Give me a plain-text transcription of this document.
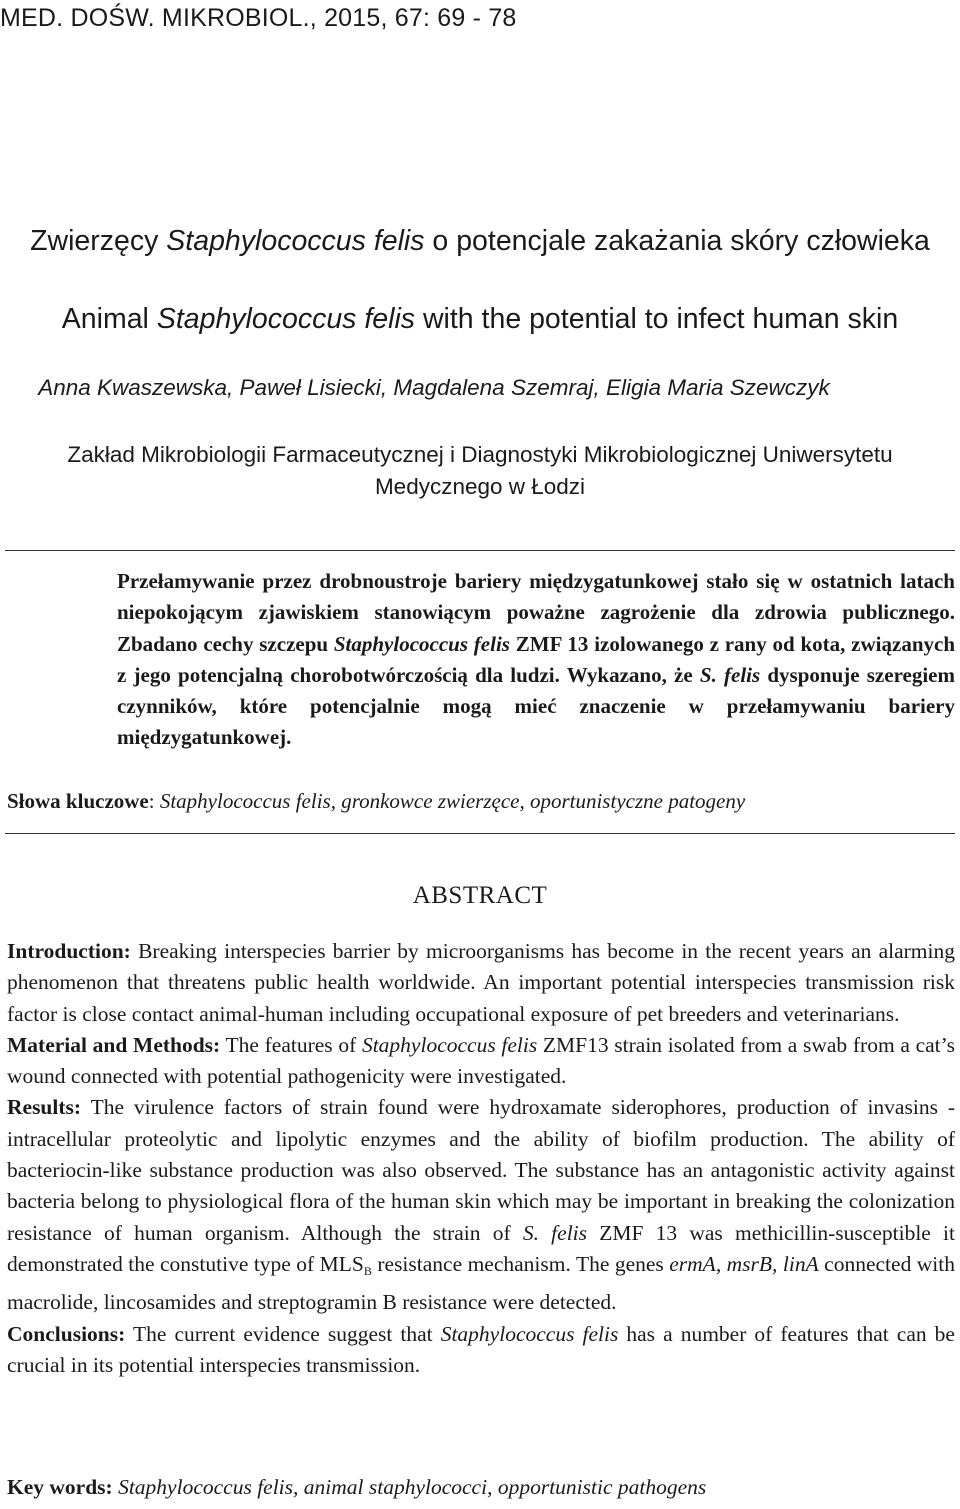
MED. DOŚW. MIKROBIOL., 2015, 67: 69 - 78
Zwierzęcy Staphylococcus felis o potencjale zakażania skóry człowieka
Animal Staphylococcus felis with the potential to infect human skin
Anna Kwaszewska, Paweł Lisiecki, Magdalena Szemraj, Eligia Maria Szewczyk
Zakład Mikrobiologii Farmaceutycznej i Diagnostyki Mikrobiologicznej Uniwersytetu
Medycznego w Łodzi
Przełamywanie przez drobnoustroje bariery międzygatunkowej stało się w ostatnich latach niepokojącym zjawiskiem stanowiącym poważne zagrożenie dla zdrowia publicznego. Zbadano cechy szczepu Staphylococcus felis ZMF 13 izolowanego z rany od kota, związanych z jego potencjalną chorobotwórczością dla ludzi. Wykazano, że S. felis dysponuje szeregiem czynników, które potencjalnie mogą mieć znaczenie w przełamywaniu bariery międzygatunkowej.
Słowa kluczowe: Staphylococcus felis, gronkowce zwierzęce, oportunistyczne patogeny
ABSTRACT

Introduction: Breaking interspecies barrier by microorganisms has become in the recent years an alarming phenomenon that threatens public health worldwide. An important potential interspecies transmission risk factor is close contact animal-human including occupational exposure of pet breeders and veterinarians.

Material and Methods: The features of Staphylococcus felis ZMF13 strain isolated from a swab from a cat’s wound connected with potential pathogenicity were investigated.

Results: The virulence factors of strain found were hydroxamate siderophores, production of invasins - intracellular proteolytic and lipolytic enzymes and the ability of biofilm production. The ability of bacteriocin-like substance production was also observed. The substance has an antagonistic activity against bacteria belong to physiological flora of the human skin which may be important in breaking the colonization resistance of human organism. Although the strain of S. felis ZMF 13 was methicillin-susceptible it demonstrated the constutive type of $MLS_B$ resistance mechanism. The genes ermA, msrB, linA connected with macrolide, lincosamides and streptogramin B resistance were detected.

Conclusions: The current evidence suggest that Staphylococcus felis has a number of features that can be crucial in its potential interspecies transmission.

Key words: Staphylococcus felis, animal staphylococci, opportunistic pathogens
